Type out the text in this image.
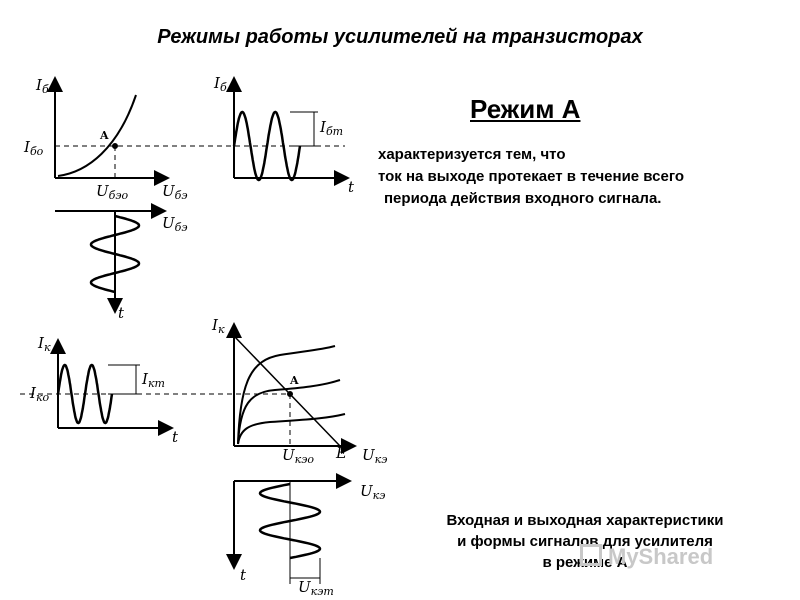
Режимы работы усилителей на транзисторах
Режим А
характеризуется тем, что
ток на выходе протекает в течение всего
периода действия входного сигнала.
Входная и выходная характеристики
и формы сигналов для усилителя
в режиме А
MyShared
$I_б$
$I_{бо}$
A
$U_{бэо}$ $U_{бэ}$
$I_б$
$I_{бm}$
t
$U_{бэ}$
t
$I_к$
$I_{ко}$
$I_{кm}$
t
$I_к$
A
E
$U_{кэо}$	$U_{кэ}$
$U_{кэ}$
t
$U_{кэm}$
